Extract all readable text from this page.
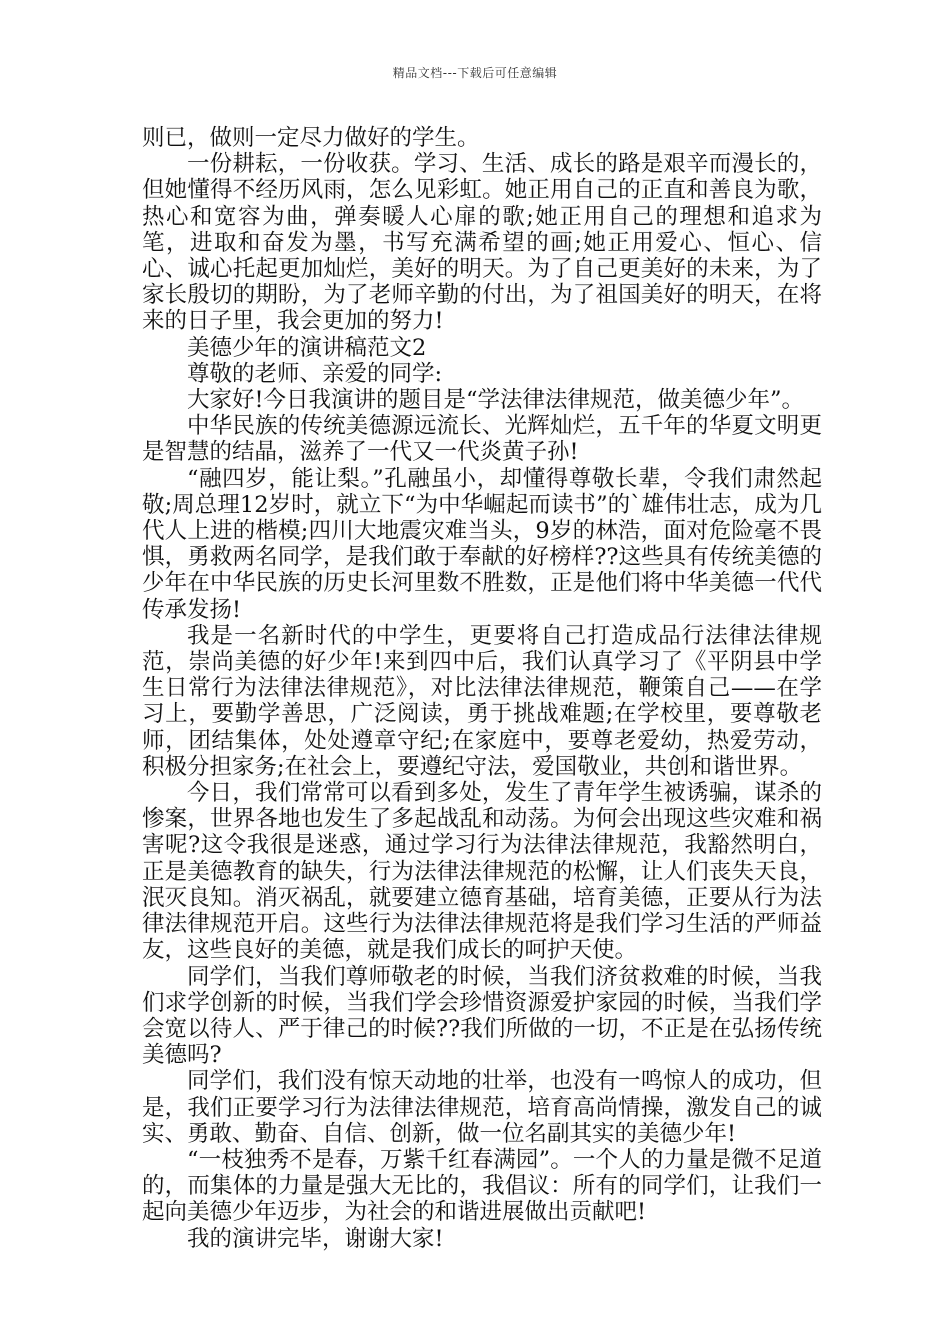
精品文档---下载后可任意编辑

则已，做则一定尽力做好的学生。

一份耕耘，一份收获。学习、生活、成长的路是艰辛而漫长的，但她懂得不经历风雨，怎么见彩虹。她正用自己的正直和善良为歌，热心和宽容为曲，弹奏暖人心扉的歌;她正用自己的理想和追求为笔，进取和奋发为墨，书写充满希望的画;她正用爱心、恒心、信心、诚心托起更加灿烂，美好的明天。为了自己更美好的未来，为了家长殷切的期盼，为了老师辛勤的付出，为了祖国美好的明天，在将来的日子里，我会更加的努力!

美德少年的演讲稿范文2

尊敬的老师、亲爱的同学:

大家好!今日我演讲的题目是“学法律法律规范，做美德少年”。

中华民族的传统美德源远流长、光辉灿烂，五千年的华夏文明更是智慧的结晶，滋养了一代又一代炎黄子孙!

“融四岁，能让梨。”孔融虽小，却懂得尊敬长辈，令我们肃然起敬;周总理12岁时，就立下“为中华崛起而读书”的`雄伟壮志，成为几代人上进的楷模;四川大地震灾难当头，9岁的林浩，面对危险毫不畏惧，勇救两名同学，是我们敢于奉献的好榜样??这些具有传统美德的少年在中华民族的历史长河里数不胜数，正是他们将中华美德一代代传承发扬!

我是一名新时代的中学生，更要将自己打造成品行法律法律规范，崇尚美德的好少年!来到四中后，我们认真学习了《平阴县中学生日常行为法律法律规范》，对比法律法律规范，鞭策自己——在学习上，要勤学善思，广泛阅读，勇于挑战难题;在学校里，要尊敬老师，团结集体，处处遵章守纪;在家庭中，要尊老爱幼，热爱劳动，积极分担家务;在社会上，要遵纪守法，爱国敬业，共创和谐世界。

今日，我们常常可以看到多处，发生了青年学生被诱骗，谋杀的惨案，世界各地也发生了多起战乱和动荡。为何会出现这些灾难和祸害呢?这令我很是迷惑，通过学习行为法律法律规范，我豁然明白，正是美德教育的缺失，行为法律法律规范的松懈，让人们丧失天良，泯灭良知。消灭祸乱，就要建立德育基础，培育美德，正要从行为法律法律规范开启。这些行为法律法律规范将是我们学习生活的严师益友，这些良好的美德，就是我们成长的呵护天使。

同学们，当我们尊师敬老的时候，当我们济贫救难的时候，当我们求学创新的时候，当我们学会珍惜资源爱护家园的时候，当我们学会宽以待人、严于律己的时候??我们所做的一切，不正是在弘扬传统美德吗?

同学们，我们没有惊天动地的壮举，也没有一鸣惊人的成功，但是，我们正要学习行为法律法律规范，培育高尚情操，激发自己的诚实、勇敢、勤奋、自信、创新，做一位名副其实的美德少年!

“一枝独秀不是春，万紫千红春满园”。一个人的力量是微不足道的，而集体的力量是强大无比的，我倡议：所有的同学们，让我们一起向美德少年迈步，为社会的和谐进展做出贡献吧!

我的演讲完毕，谢谢大家!
